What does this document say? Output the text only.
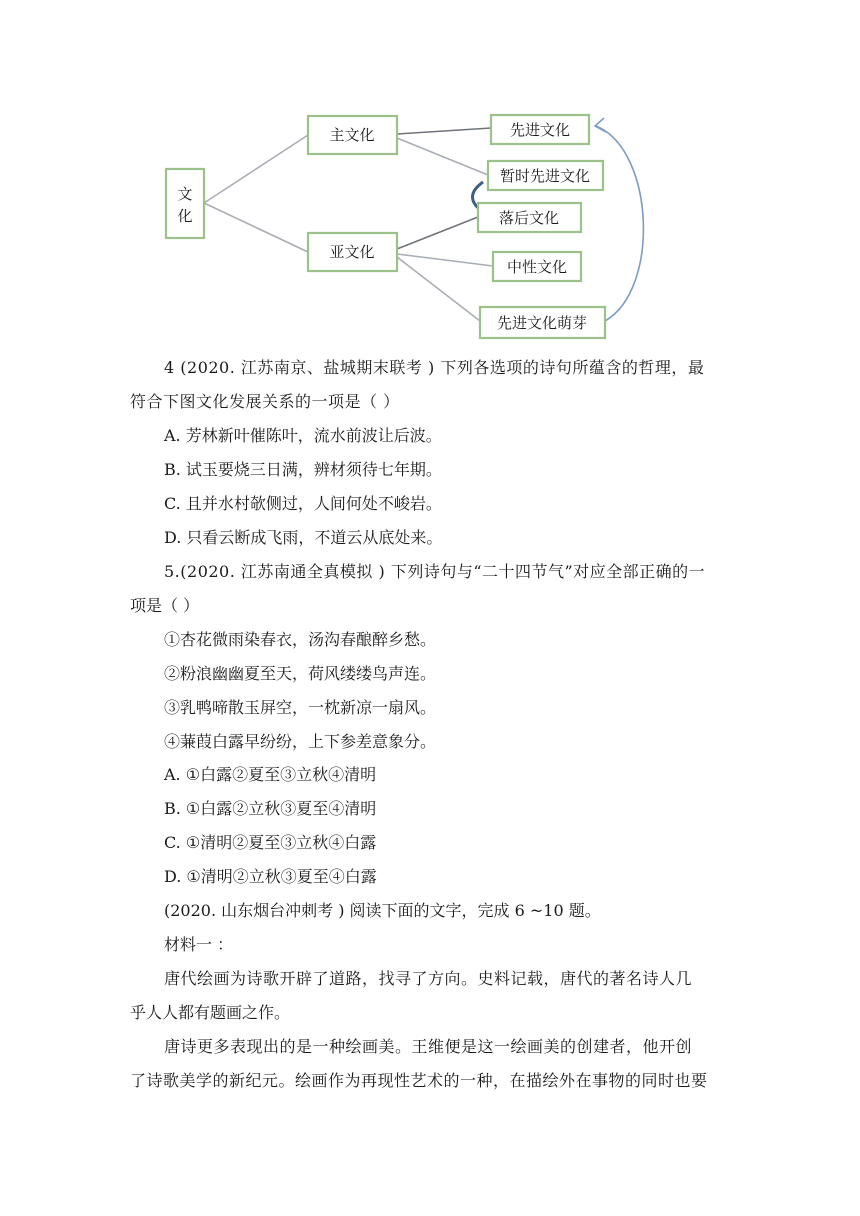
文
化
主文化
亚文化
先进文化
暂时先进文化
落后文化
中性文化
先进文化萌芽
4 (2020. 江苏南京、盐城期末联考 ) 下列各选项的诗句所蕴含的哲理，最
符合下图文化发展关系的一项是（ ）
A. 芳林新叶催陈叶，流水前波让后波。
B. 试玉要烧三日满，辨材须待七年期。
C. 且并水村欹侧过，人间何处不峻岩。
D. 只看云断成飞雨，不道云从底处来。
5.(2020. 江苏南通全真模拟 ) 下列诗句与“二十四节气”对应全部正确的一
项是（ ）
①杏花微雨染春衣，汤沟春酿醉乡愁。
②粉浪幽幽夏至天，荷风缕缕鸟声连。
③乳鸭啼散玉屏空，一枕新凉一扇风。
④蒹葭白露早纷纷，上下参差意象分。
A. ①白露②夏至③立秋④清明
B. ①白露②立秋③夏至④清明
C. ①清明②夏至③立秋④白露
D. ①清明②立秋③夏至④白露
(2020. 山东烟台冲刺考 ) 阅读下面的文字，完成 6 ~10 题。
材料一 ：
唐代绘画为诗歌开辟了道路，找寻了方向。史料记载，唐代的著名诗人几
乎人人都有题画之作。
唐诗更多表现出的是一种绘画美。王维便是这一绘画美的创建者，他开创
了诗歌美学的新纪元。绘画作为再现性艺术的一种，在描绘外在事物的同时也要
